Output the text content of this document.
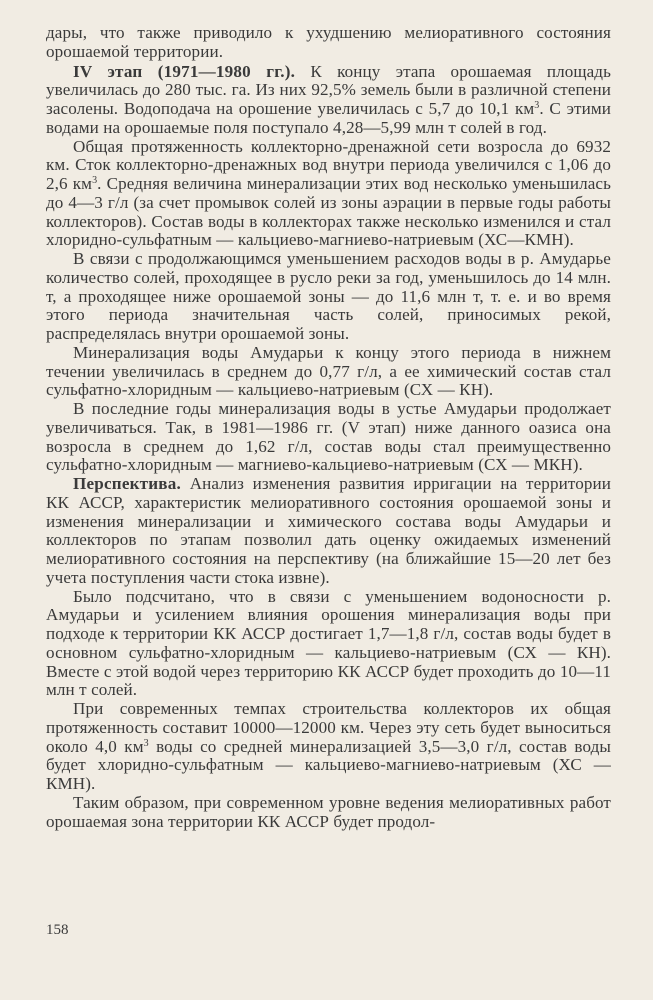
дары, что также приводило к ухудшению мелиоративного состояния орошаемой территории.

IV этап (1971—1980 гг.). К концу этапа орошаемая площадь увеличилась до 280 тыс. га. Из них 92,5% земель были в различной степени засолены. Водоподача на орошение увеличилась с 5,7 до 10,1 $км^3$. С этими водами на орошаемые поля поступало 4,28—5,99 млн т солей в год.

Общая протяженность коллекторно-дренажной сети возросла до 6932 км. Сток коллекторно-дренажных вод внутри периода увеличился с 1,06 до 2,6 $км^3$. Средняя величина минерализации этих вод несколько уменьшилась до 4—3 г/л (за счет промывок солей из зоны аэрации в первые годы работы коллекторов). Состав воды в коллекторах также несколько изменился и стал хлоридно-сульфатным — кальциево-магниево-натриевым (ХС—КМН).

В связи с продолжающимся уменьшением расходов воды в р. Амударье количество солей, проходящее в русло реки за год, уменьшилось до 14 млн. т, а проходящее ниже орошаемой зоны — до 11,6 млн т, т. е. и во время этого периода значительная часть солей, приносимых рекой, распределялась внутри орошаемой зоны.

Минерализация воды Амударьи к концу этого периода в нижнем течении увеличилась в среднем до 0,77 г/л, а ее химический состав стал сульфатно-хлоридным — кальциево-натриевым (СХ — КН).

В последние годы минерализация воды в устье Амударьи продолжает увеличиваться. Так, в 1981—1986 гг. (V этап) ниже данного оазиса она возросла в среднем до 1,62 г/л, состав воды стал преимущественно сульфатно-хлоридным — магниево-кальциево-натриевым (СХ — МКН).

Перспектива. Анализ изменения развития ирригации на территории КК АССР, характеристик мелиоративного состояния орошаемой зоны и изменения минерализации и химического состава воды Амударьи и коллекторов по этапам позволил дать оценку ожидаемых изменений мелиоративного состояния на перспективу (на ближайшие 15—20 лет без учета поступления части стока извне).

Было подсчитано, что в связи с уменьшением водоносности р. Амударьи и усилением влияния орошения минерализация воды при подходе к территории КК АССР достигает 1,7—1,8 г/л, состав воды будет в основном сульфатно-хлоридным — кальциево-натриевым (СХ — КН). Вместе с этой водой через территорию КК АССР будет проходить до 10—11 млн т солей.

При современных темпах строительства коллекторов их общая протяженность составит 10000—12000 км. Через эту сеть будет выноситься около 4,0 $км^3$ воды со средней минерализацией 3,5—3,0 г/л, состав воды будет хлоридно-сульфатным — кальциево-магниево-натриевым (ХС — КМН).

Таким образом, при современном уровне ведения мелиоративных работ орошаемая зона территории КК АССР будет продол-

158
